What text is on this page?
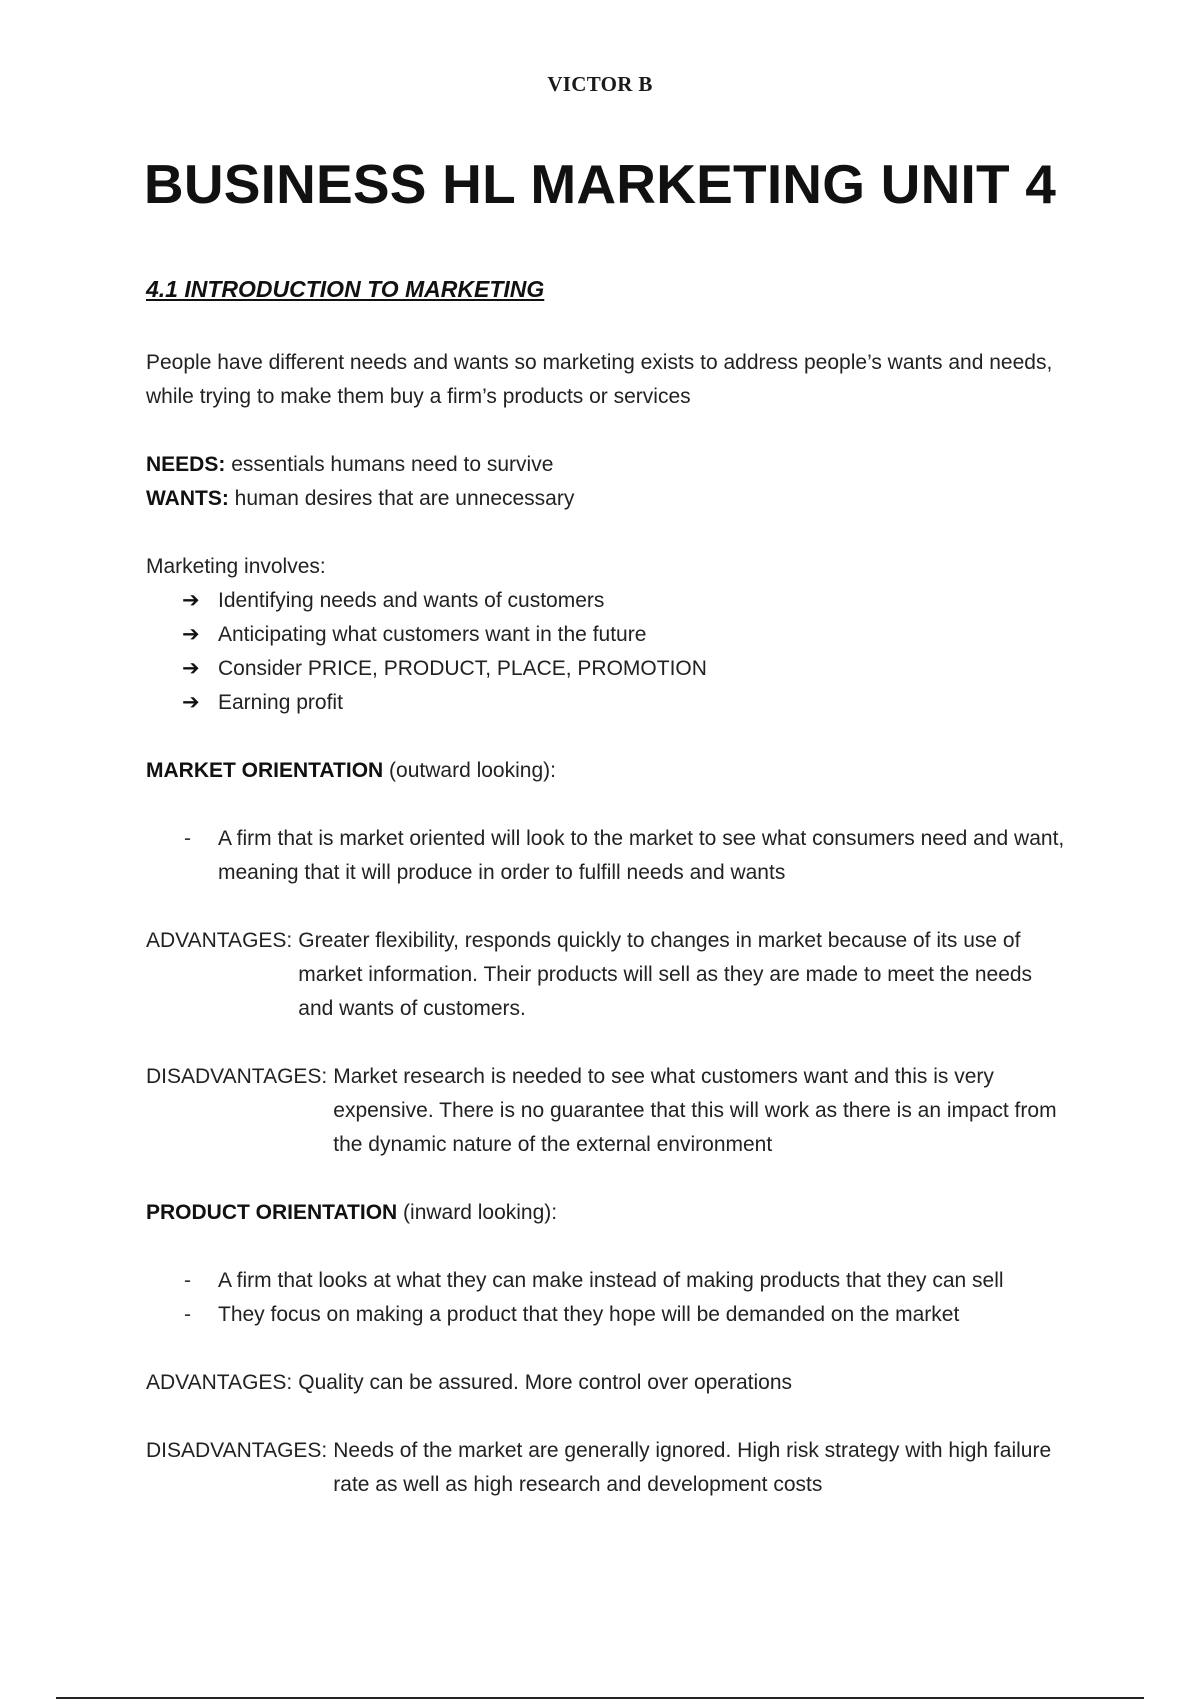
VICTOR B
BUSINESS HL MARKETING UNIT 4
4.1 INTRODUCTION TO MARKETING

People have different needs and wants so marketing exists to address people’s wants and needs, while trying to make them buy a firm’s products or services

NEEDS: essentials humans need to survive

WANTS: human desires that are unnecessary

Marketing involves:

➔ Identifying needs and wants of customers
➔ Anticipating what customers want in the future
➔ Consider PRICE, PRODUCT, PLACE, PROMOTION
➔ Earning profit

MARKET ORIENTATION (outward looking):

- A firm that is market oriented will look to the market to see what consumers need and want, meaning that it will produce in order to fulfill needs and wants
ADVANTAGES: Greater flexibility, responds quickly to changes in market because of its use of market information. Their products will sell as they are made to meet the needs and wants of customers.
DISADVANTAGES: Market research is needed to see what customers want and this is very expensive. There is no guarantee that this will work as there is an impact from the dynamic nature of the external environment

PRODUCT ORIENTATION (inward looking):

- A firm that looks at what they can make instead of making products that they can sell
- They focus on making a product that they hope will be demanded on the market
ADVANTAGES: Quality can be assured. More control over operations
DISADVANTAGES: Needs of the market are generally ignored. High risk strategy with high failure rate as well as high research and development costs
